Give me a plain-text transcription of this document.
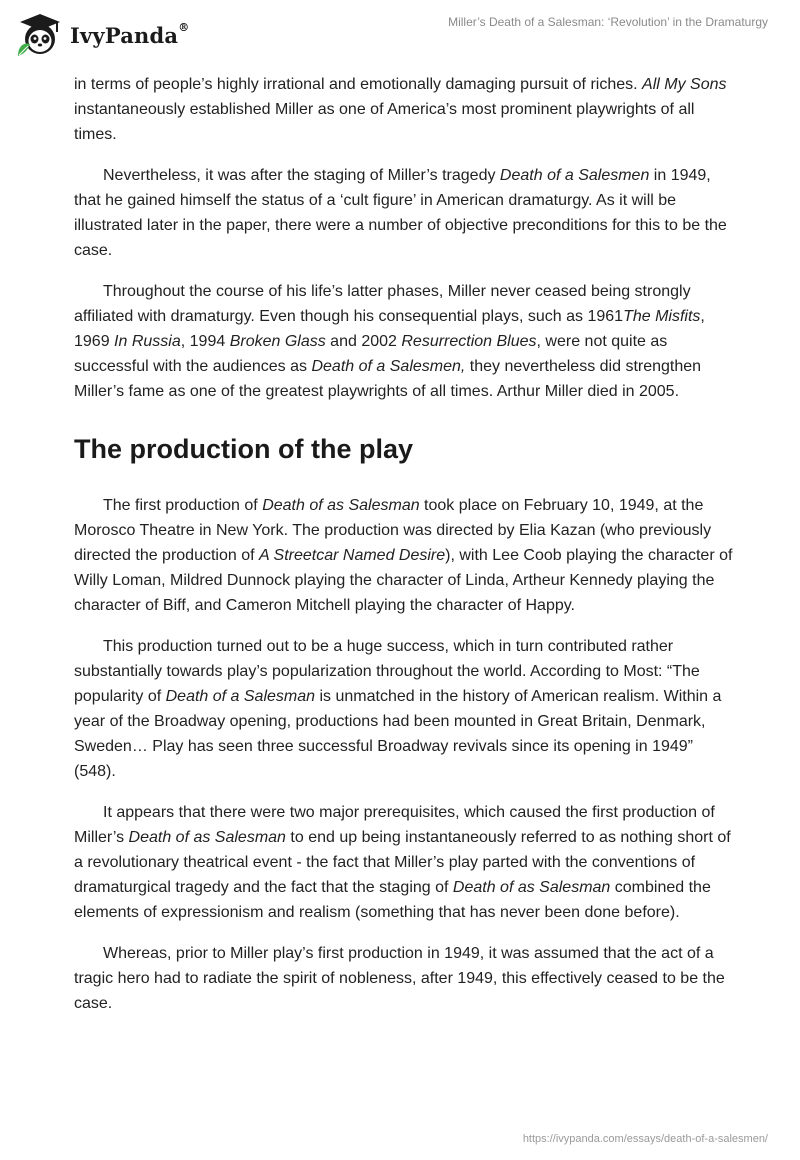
IvyPanda®	Miller’s Death of a Salesman: ‘Revolution’ in the Dramaturgy

in terms of people’s highly irrational and emotionally damaging pursuit of riches. All My Sons instantaneously established Miller as one of America’s most prominent playwrights of all times.

Nevertheless, it was after the staging of Miller’s tragedy Death of a Salesmen in 1949, that he gained himself the status of a ‘cult figure’ in American dramaturgy. As it will be illustrated later in the paper, there were a number of objective preconditions for this to be the case.

Throughout the course of his life’s latter phases, Miller never ceased being strongly affiliated with dramaturgy. Even though his consequential plays, such as 1961The Misfits, 1969 In Russia, 1994 Broken Glass and 2002 Resurrection Blues, were not quite as successful with the audiences as Death of a Salesmen, they nevertheless did strengthen Miller’s fame as one of the greatest playwrights of all times. Arthur Miller died in 2005.

The production of the play

The first production of Death of as Salesman took place on February 10, 1949, at the Morosco Theatre in New York. The production was directed by Elia Kazan (who previously directed the production of A Streetcar Named Desire), with Lee Coob playing the character of Willy Loman, Mildred Dunnock playing the character of Linda, Artheur Kennedy playing the character of Biff, and Cameron Mitchell playing the character of Happy.

This production turned out to be a huge success, which in turn contributed rather substantially towards play’s popularization throughout the world. According to Most: “The popularity of Death of a Salesman is unmatched in the history of American realism. Within a year of the Broadway opening, productions had been mounted in Great Britain, Denmark, Sweden… Play has seen three successful Broadway revivals since its opening in 1949” (548).

It appears that there were two major prerequisites, which caused the first production of Miller’s Death of as Salesman to end up being instantaneously referred to as nothing short of a revolutionary theatrical event - the fact that Miller’s play parted with the conventions of dramaturgical tragedy and the fact that the staging of Death of as Salesman combined the elements of expressionism and realism (something that has never been done before).

Whereas, prior to Miller play’s first production in 1949, it was assumed that the act of a tragic hero had to radiate the spirit of nobleness, after 1949, this effectively ceased to be the case.

https://ivypanda.com/essays/death-of-a-salesmen/
